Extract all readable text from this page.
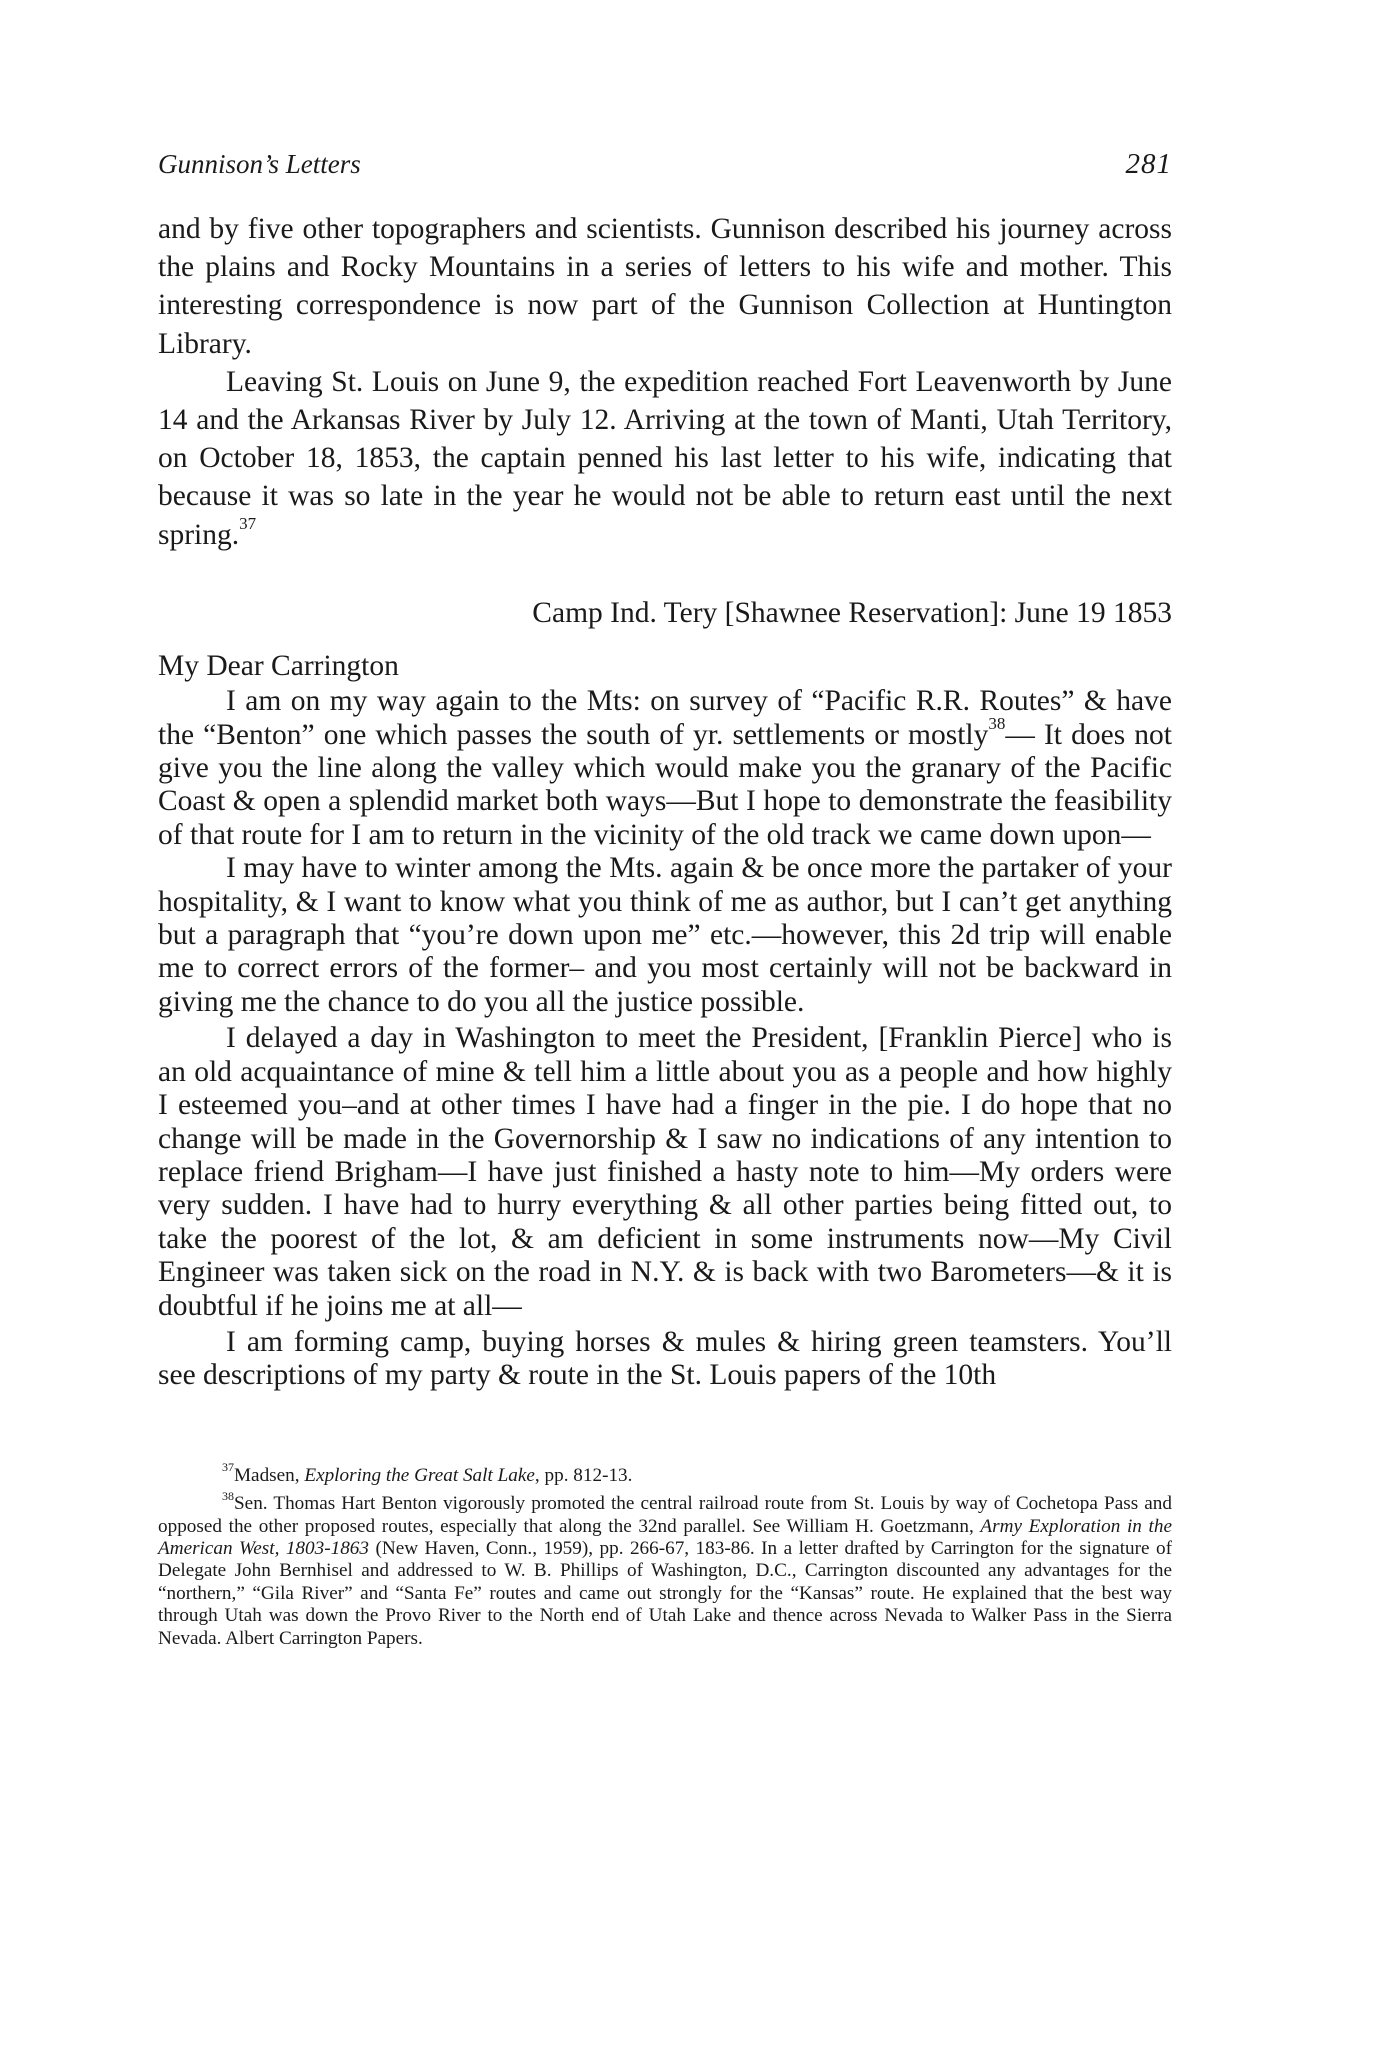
Gunnison’s Letters	281

and by five other topographers and scientists. Gunnison described his journey across the plains and Rocky Mountains in a series of letters to his wife and mother. This interesting correspondence is now part of the Gunnison Collection at Huntington Library.

Leaving St. Louis on June 9, the expedition reached Fort Leavenworth by June 14 and the Arkansas River by July 12. Arriving at the town of Manti, Utah Territory, on October 18, 1853, the captain penned his last letter to his wife, indicating that because it was so late in the year he would not be able to return east until the next spring.$^{37}$

Camp Ind. Tery [Shawnee Reservation]: June 19 1853
My Dear Carrington

I am on my way again to the Mts: on survey of “Pacific R.R. Routes” & have the “Benton” one which passes the south of yr. settlements or mostly$^{38}$— It does not give you the line along the valley which would make you the granary of the Pacific Coast & open a splendid market both ways—But I hope to demonstrate the feasibility of that route for I am to return in the vicinity of the old track we came down upon—

I may have to winter among the Mts. again & be once more the partaker of your hospitality, & I want to know what you think of me as author, but I can’t get anything but a paragraph that “you’re down upon me” etc.—however, this 2d trip will enable me to correct errors of the former– and you most certainly will not be backward in giving me the chance to do you all the justice possible.

I delayed a day in Washington to meet the President, [Franklin Pierce] who is an old acquaintance of mine & tell him a little about you as a people and how highly I esteemed you–and at other times I have had a finger in the pie. I do hope that no change will be made in the Governorship & I saw no indications of any intention to replace friend Brigham—I have just finished a hasty note to him—My orders were very sudden. I have had to hurry everything & all other parties being fitted out, to take the poorest of the lot, & am deficient in some instruments now—My Civil Engineer was taken sick on the road in N.Y. & is back with two Barometers—& it is doubtful if he joins me at all—

I am forming camp, buying horses & mules & hiring green teamsters. You’ll see descriptions of my party & route in the St. Louis papers of the 10th

$^{37}$Madsen, Exploring the Great Salt Lake, pp. 812-13.

$^{38}$Sen. Thomas Hart Benton vigorously promoted the central railroad route from St. Louis by way of Cochetopa Pass and opposed the other proposed routes, especially that along the 32nd parallel. See William H. Goetzmann, Army Exploration in the American West, 1803-1863 (New Haven, Conn., 1959), pp. 266-67, 183-86. In a letter drafted by Carrington for the signature of Delegate John Bernhisel and addressed to W. B. Phillips of Washington, D.C., Carrington discounted any advantages for the “northern,” “Gila River” and “Santa Fe” routes and came out strongly for the “Kansas” route. He explained that the best way through Utah was down the Provo River to the North end of Utah Lake and thence across Nevada to Walker Pass in the Sierra Nevada. Albert Carrington Papers.
